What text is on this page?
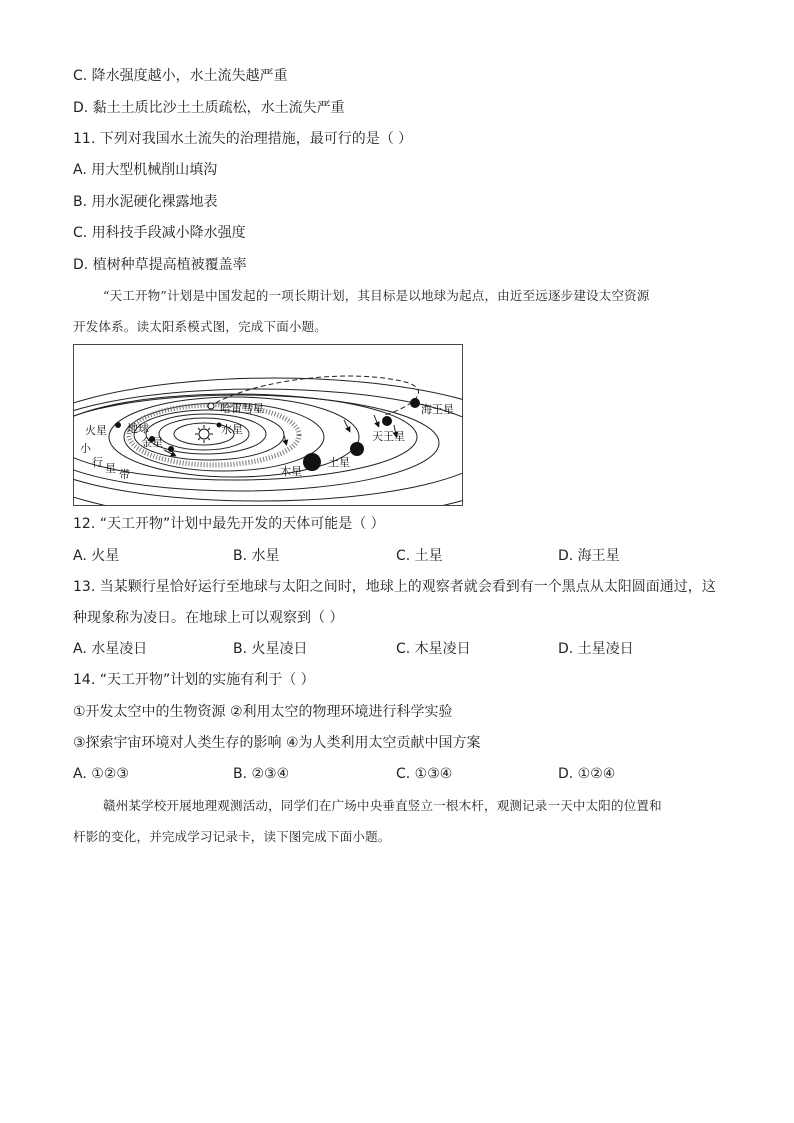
C. 降水强度越小，水土流失越严重
D. 黏土土质比沙土土质疏松，水土流失严重
11. 下列对我国水土流失的治理措施，最可行的是（ ）
A. 用大型机械削山填沟
B. 用水泥硬化裸露地表
C. 用科技手段减小降水强度
D. 植树种草提高植被覆盖率
“天工开物”计划是中国发起的一项长期计划，其目标是以地球为起点，由近至远逐步建设太空资源
开发体系。读太阳系模式图，完成下面小题。
哈雷彗星
水星
火星 地球
金星
小
行 星 带	木星
土星
天王星
海王星
12. “天工开物”计划中最先开发的天体可能是（ ）
A. 火星	B. 水星	C. 土星	D. 海王星
13. 当某颗行星恰好运行至地球与太阳之间时，地球上的观察者就会看到有一个黑点从太阳圆面通过，这
种现象称为凌日。在地球上可以观察到（ ）
A. 水星凌日	B. 火星凌日	C. 木星凌日	D. 土星凌日
14. “天工开物”计划的实施有利于（ ）
①开发太空中的生物资源 ②利用太空的物理环境进行科学实验
③探索宇宙环境对人类生存的影响 ④为人类利用太空贡献中国方案
A. ①②③	B. ②③④	C. ①③④	D. ①②④
赣州某学校开展地理观测活动，同学们在广场中央垂直竖立一根木杆，观测记录一天中太阳的位置和
杆影的变化，并完成学习记录卡，读下图完成下面小题。
